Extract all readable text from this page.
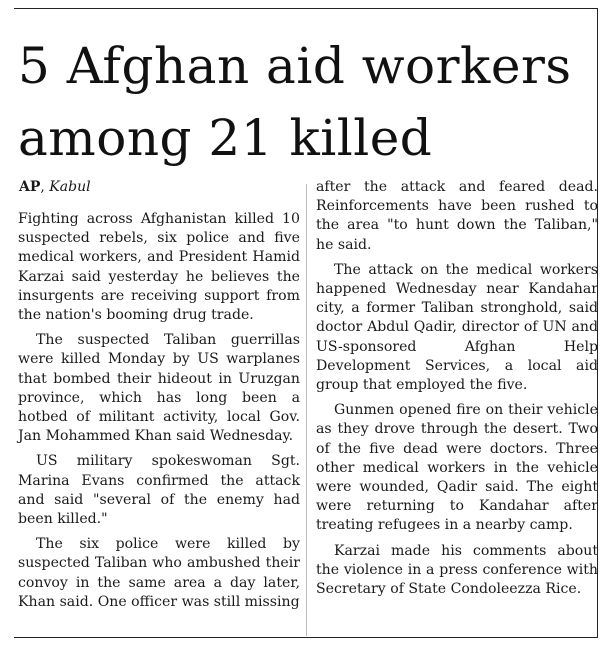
5 Afghan aid workers among 21 killed
AP, Kabul

Fighting across Afghanistan killed 10 suspected rebels, six police and five medical workers, and President Hamid Karzai said yesterday he believes the insurgents are receiving support from the nation's booming drug trade.

The suspected Taliban guerrillas were killed Monday by US warplanes that bombed their hideout in Uruzgan province, which has long been a hotbed of militant activity, local Gov. Jan Mohammed Khan said Wednesday.

US military spokeswoman Sgt. Marina Evans confirmed the attack and said "several of the enemy had been killed."

The six police were killed by suspected Taliban who ambushed their convoy in the same area a day later, Khan said. One officer was still missing

after the attack and feared dead. Reinforcements have been rushed to the area "to hunt down the Taliban," he said.

The attack on the medical workers happened Wednesday near Kandahar city, a former Taliban stronghold, said doctor Abdul Qadir, director of UN and US-sponsored Afghan Help Development Services, a local aid group that employed the five.

Gunmen opened fire on their vehicle as they drove through the desert. Two of the five dead were doctors. Three other medical workers in the vehicle were wounded, Qadir said. The eight were returning to Kandahar after treating refugees in a nearby camp.

Karzai made his comments about the violence in a press conference with Secretary of State Condoleezza Rice.
